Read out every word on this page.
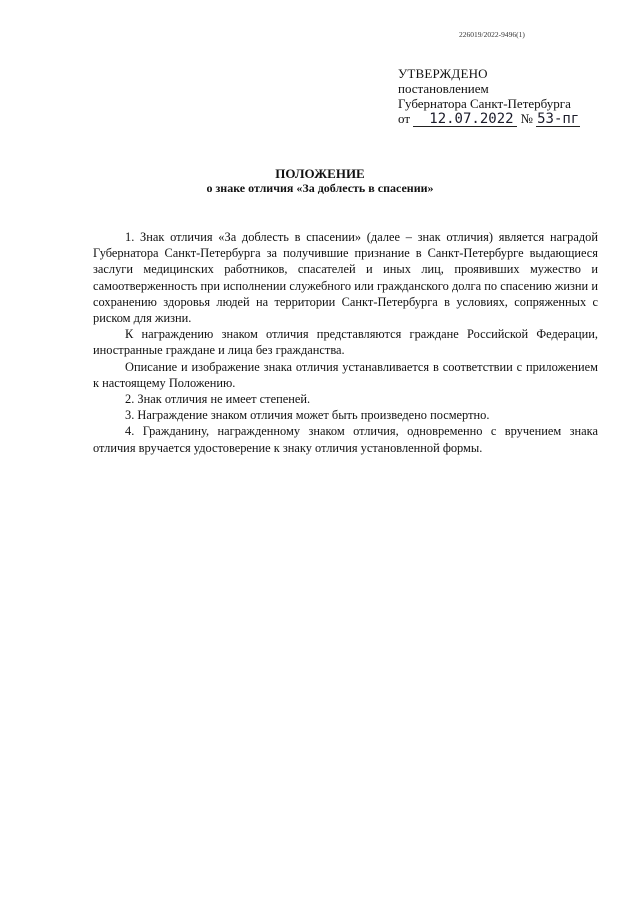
226019/2022-9496(1)
УТВЕРЖДЕНО
постановлением
Губернатора Санкт-Петербурга
от 12.07.2022 № 53-пг
ПОЛОЖЕНИЕ
о знаке отличия «За доблесть в спасении»

1. Знак отличия «За доблесть в спасении» (далее – знак отличия) является наградой Губернатора Санкт-Петербурга за получившие признание в Санкт-Петербурге выдающиеся заслуги медицинских работников, спасателей и иных лиц, проявивших мужество и самоотверженность при исполнении служебного или гражданского долга по спасению жизни и сохранению здоровья людей на территории Санкт-Петербурга в условиях, сопряженных с риском для жизни.

К награждению знаком отличия представляются граждане Российской Федерации, иностранные граждане и лица без гражданства.

Описание и изображение знака отличия устанавливается в соответствии с приложением к настоящему Положению.

2. Знак отличия не имеет степеней.

3. Награждение знаком отличия может быть произведено посмертно.

4. Гражданину, награжденному знаком отличия, одновременно с вручением знака отличия вручается удостоверение к знаку отличия установленной формы.
